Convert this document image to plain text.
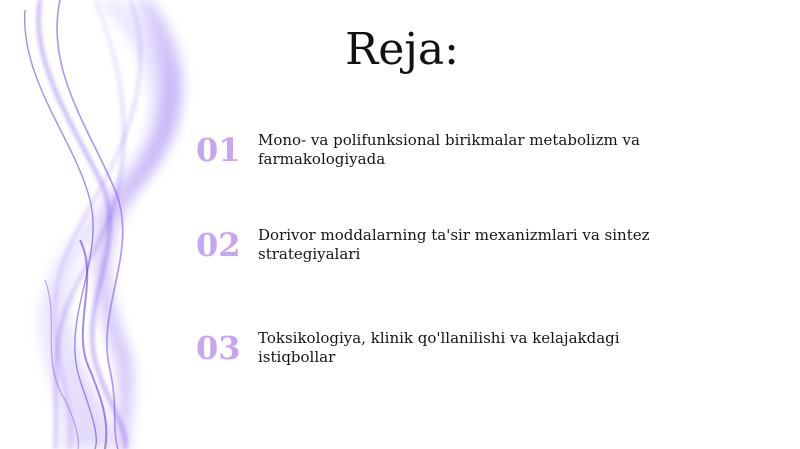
Reja:
01	Mono- va polifunksional birikmalar metabolizm va farmakologiyada
02	Dorivor moddalarning ta'sir mexanizmlari va sintez strategiyalari
03	Toksikologiya, klinik qo'llanilishi va kelajakdagi istiqbollar
